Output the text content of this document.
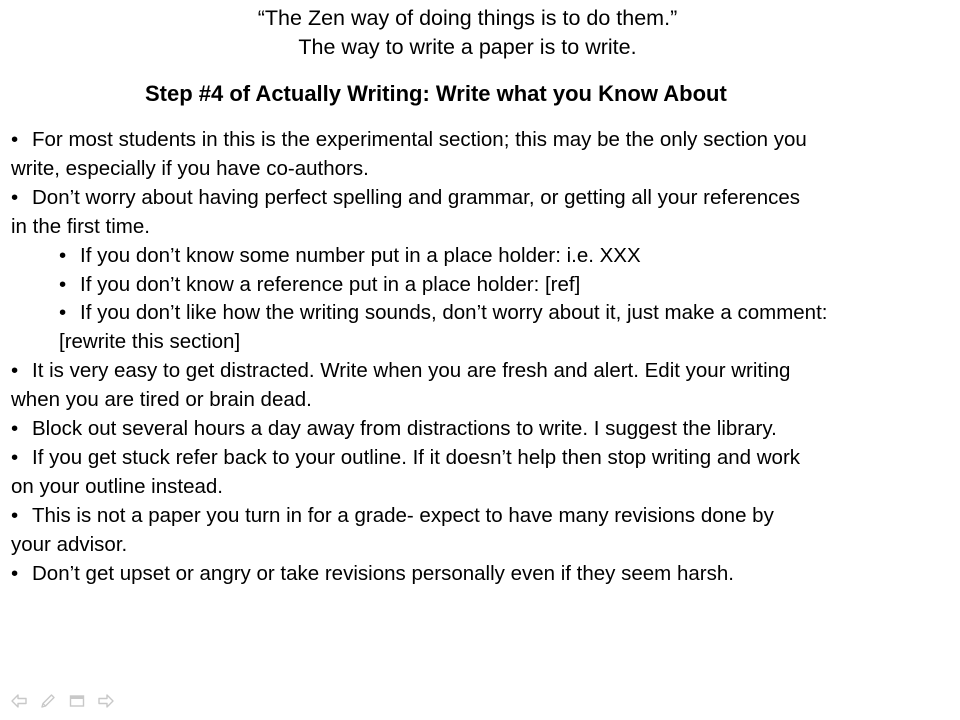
“The Zen way of doing things is to do them.”
The way to write a paper is to write.
Step #4 of Actually Writing: Write what you Know About
• For most students in this is the experimental section; this may be the only section you
write, especially if you have co-authors.
• Don’t worry about having perfect spelling and grammar, or getting all your references
in the first time.
• If you don’t know some number put in a place holder: i.e. XXX
• If you don’t know a reference put in a place holder: [ref]
• If you don’t like how the writing sounds, don’t worry about it, just make a comment:
[rewrite this section]
• It is very easy to get distracted. Write when you are fresh and alert. Edit your writing
when you are tired or brain dead.
• Block out several hours a day away from distractions to write. I suggest the library.
• If you get stuck refer back to your outline. If it doesn’t help then stop writing and work
on your outline instead.
• This is not a paper you turn in for a grade- expect to have many revisions done by
your advisor.
• Don’t get upset or angry or take revisions personally even if they seem harsh.
